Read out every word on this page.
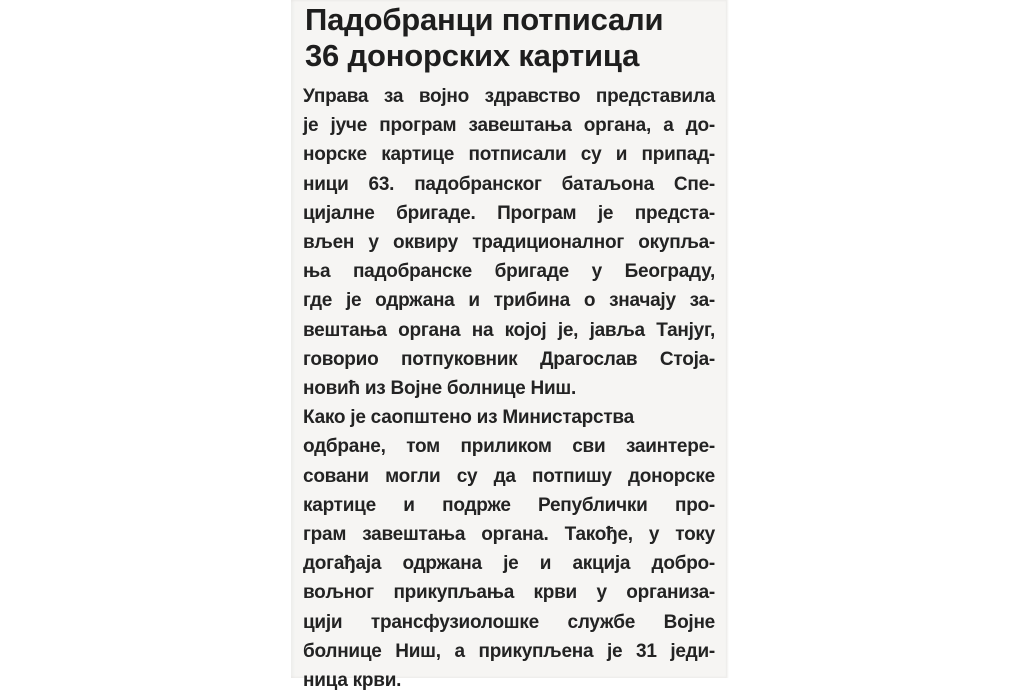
Падобранци потписали
36 донорских картица
Управа за војно здравство представила
је јуче програм завештања органа, а до-
норске картице потписали су и припад-
ници 63. падобранског батаљона Спе-
цијалне бригаде. Програм је предста-
вљен у оквиру традиционалног окупља-
ња падобранске бригаде у Београду,
где је одржана и трибина о значају за-
вештања органа на којој је, јавља Танјуг,
говорио потпуковник Драгослав Стоја-
новић из Војне болнице Ниш.
Како је саопштено из Министарства
одбране, том приликом сви заинтере-
совани могли су да потпишу донорске
картице и подрже Републички про-
грам завештања органа. Такође, у току
догађаја одржана је и акција добро-
вољног прикупљања крви у организа-
цији трансфузиолошке службе Војне
болнице Ниш, а прикупљена је 31 једи-
ница крви.
